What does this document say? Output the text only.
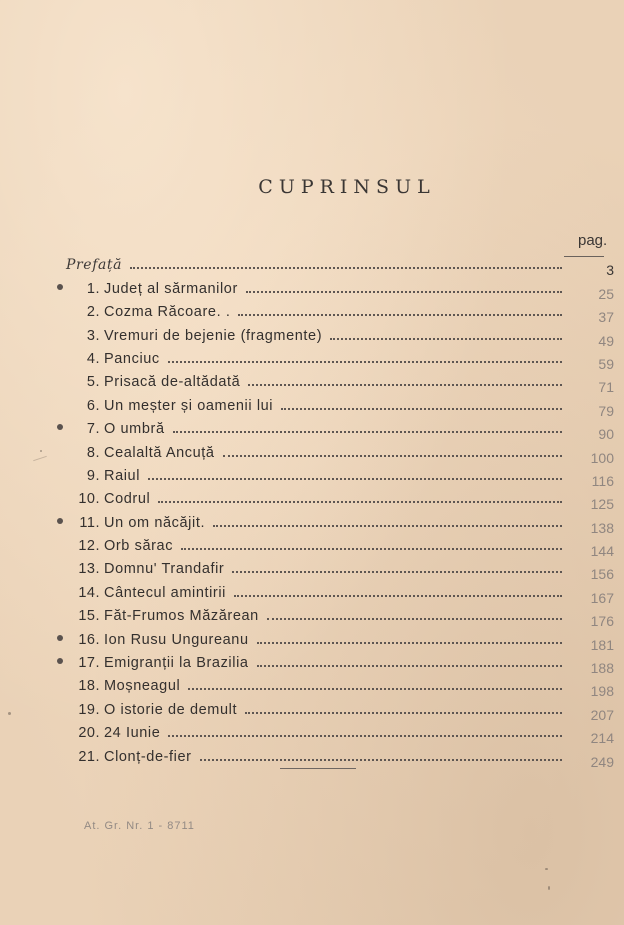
CUPRINSUL
pag.
Prefață	3
1. Județ al sărmanilor	25
2. Cozma Răcoare. .	37
3. Vremuri de bejenie (fragmente)	49
4. Panciuc	59
5. Prisacă de-altădată	71
6. Un meșter și oamenii lui	79
7. O umbră	90
8. Cealaltă Ancuță	100
9. Raiul	116
10. Codrul	125
11. Un om năcăjit.	138
12. Orb sărac	144
13. Domnu' Trandafir	156
14. Cântecul amintirii	167
15. Făt-Frumos Măzărean	176
16. Ion Rusu Ungureanu	181
17. Emigranții la Brazilia	188
18. Moșneagul	198
19. O istorie de demult	207
20. 24 Iunie	214
21. Clonț-de-fier	249
At. Gr. Nr. 1 - 8711
